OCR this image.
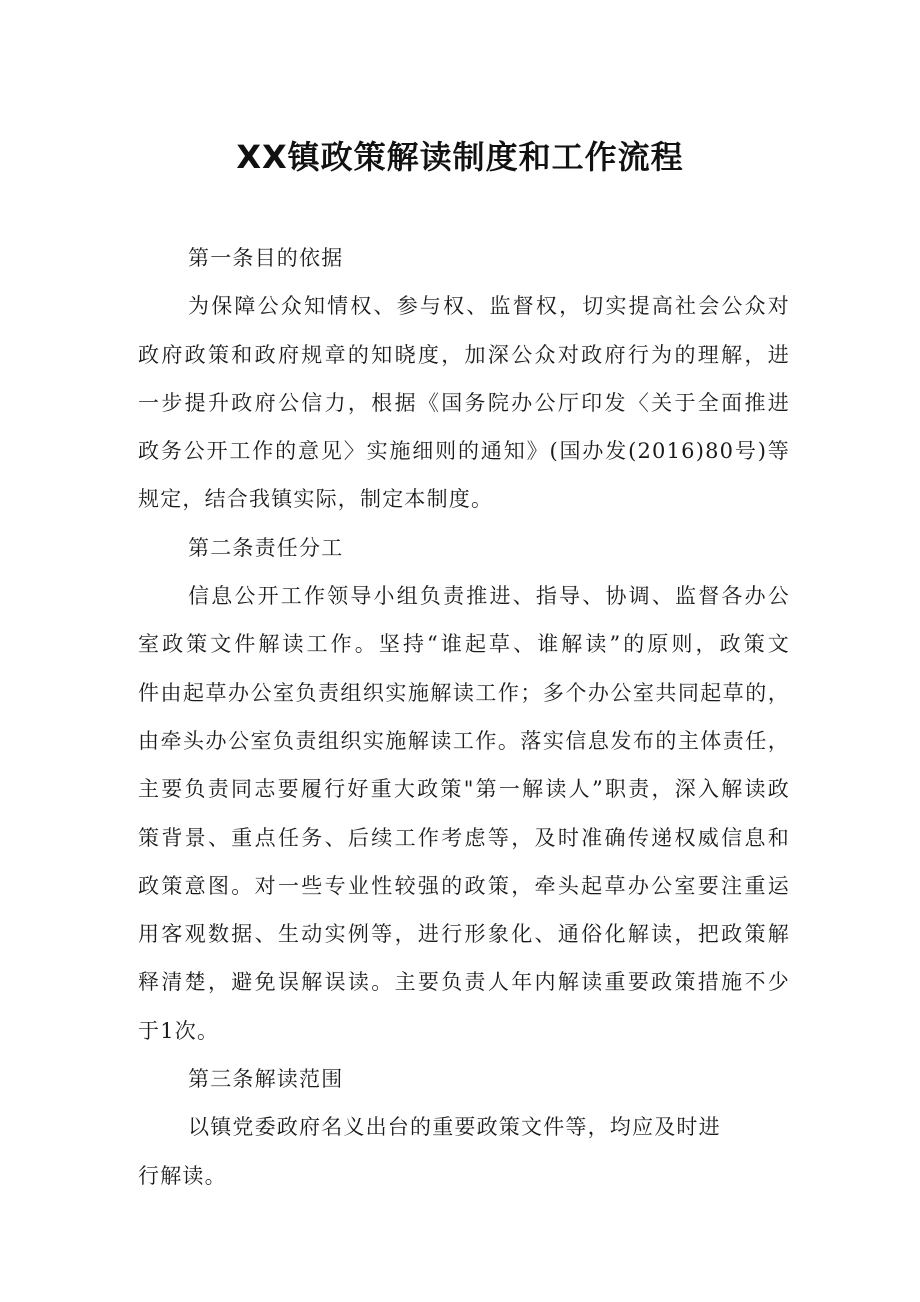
XX镇政策解读制度和工作流程
第一条目的依据
为保障公众知情权、参与权、监督权，切实提高社会公众对
政府政策和政府规章的知晓度，加深公众对政府行为的理解，进
一步提升政府公信力，根据《国务院办公厅印发〈关于全面推进
政务公开工作的意见〉实施细则的通知》(国办发(2016)80号)等
规定，结合我镇实际，制定本制度。
第二条责任分工
信息公开工作领导小组负责推进、指导、协调、监督各办公
室政策文件解读工作。坚持“谁起草、谁解读”的原则，政策文
件由起草办公室负责组织实施解读工作；多个办公室共同起草的，
由牵头办公室负责组织实施解读工作。落实信息发布的主体责任，
主要负责同志要履行好重大政策"第一解读人”职责，深入解读政
策背景、重点任务、后续工作考虑等，及时准确传递权威信息和
政策意图。对一些专业性较强的政策，牵头起草办公室要注重运
用客观数据、生动实例等，进行形象化、通俗化解读，把政策解
释清楚，避免误解误读。主要负责人年内解读重要政策措施不少
于1次。
第三条解读范围
以镇党委政府名义出台的重要政策文件等，均应及时进
行解读。
